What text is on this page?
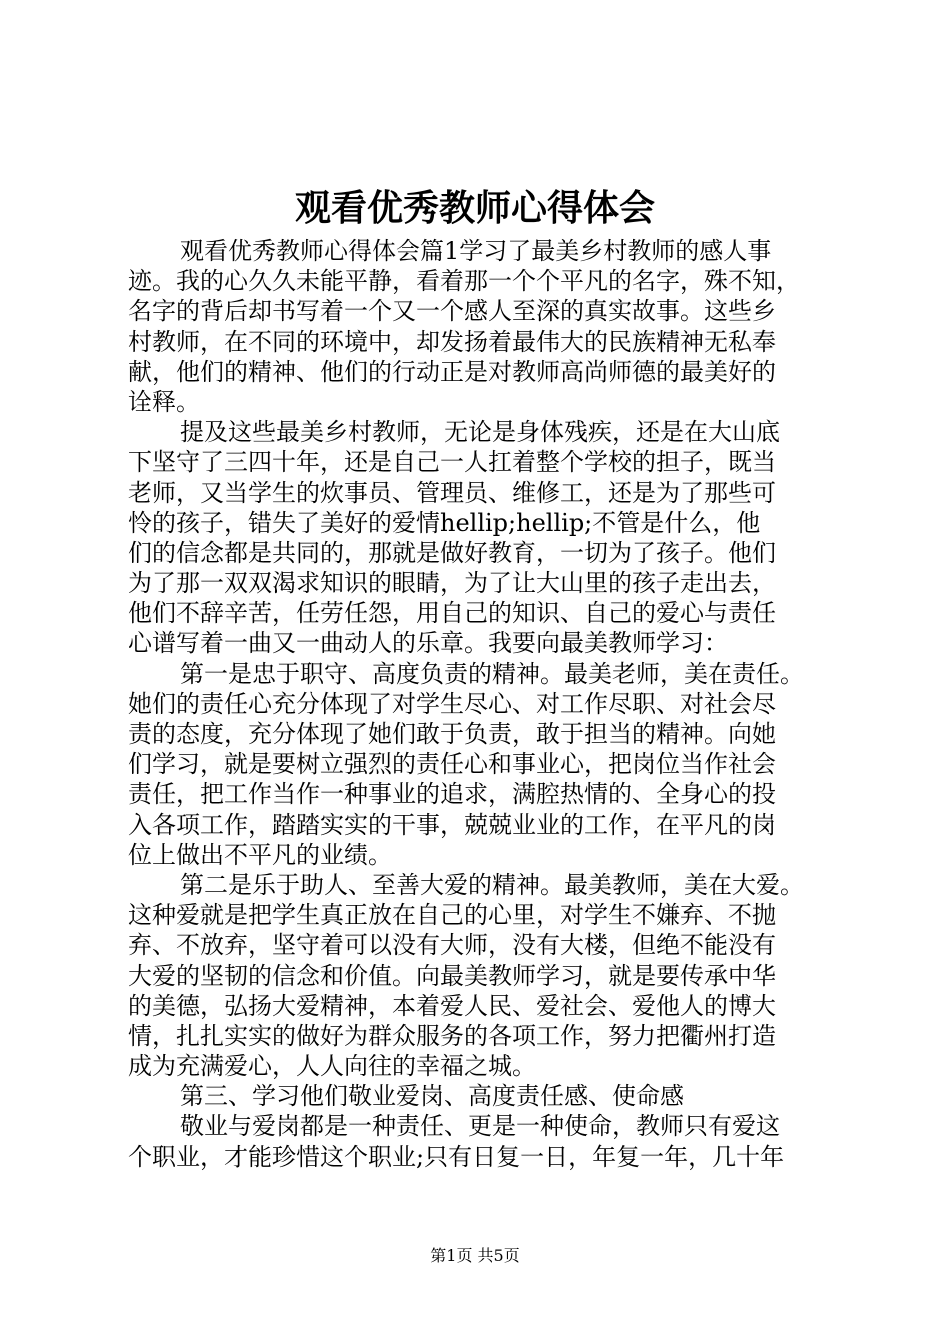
观看优秀教师心得体会
观看优秀教师心得体会篇1学习了最美乡村教师的感人事
迹。我的心久久未能平静，看着那一个个平凡的名字，殊不知，
名字的背后却书写着一个又一个感人至深的真实故事。这些乡
村教师，在不同的环境中，却发扬着最伟大的民族精神无私奉
献，他们的精神、他们的行动正是对教师高尚师德的最美好的
诠释。
提及这些最美乡村教师，无论是身体残疾，还是在大山底
下坚守了三四十年，还是自己一人扛着整个学校的担子，既当
老师，又当学生的炊事员、管理员、维修工，还是为了那些可
怜的孩子，错失了美好的爱情hellip;hellip;不管是什么，他
们的信念都是共同的，那就是做好教育，一切为了孩子。他们
为了那一双双渴求知识的眼睛，为了让大山里的孩子走出去，
他们不辞辛苦，任劳任怨，用自己的知识、自己的爱心与责任
心谱写着一曲又一曲动人的乐章。我要向最美教师学习：
第一是忠于职守、高度负责的精神。最美老师，美在责任。
她们的责任心充分体现了对学生尽心、对工作尽职、对社会尽
责的态度，充分体现了她们敢于负责，敢于担当的精神。向她
们学习，就是要树立强烈的责任心和事业心，把岗位当作社会
责任，把工作当作一种事业的追求，满腔热情的、全身心的投
入各项工作，踏踏实实的干事，兢兢业业的工作，在平凡的岗
位上做出不平凡的业绩。
第二是乐于助人、至善大爱的精神。最美教师，美在大爱。
这种爱就是把学生真正放在自己的心里，对学生不嫌弃、不抛
弃、不放弃，坚守着可以没有大师，没有大楼，但绝不能没有
大爱的坚韧的信念和价值。向最美教师学习，就是要传承中华
的美德，弘扬大爱精神，本着爱人民、爱社会、爱他人的博大
情，扎扎实实的做好为群众服务的各项工作，努力把衢州打造
成为充满爱心，人人向往的幸福之城。
第三、学习他们敬业爱岗、高度责任感、使命感
敬业与爱岗都是一种责任、更是一种使命，教师只有爱这
个职业，才能珍惜这个职业;只有日复一日，年复一年，几十年
第1页 共5页
